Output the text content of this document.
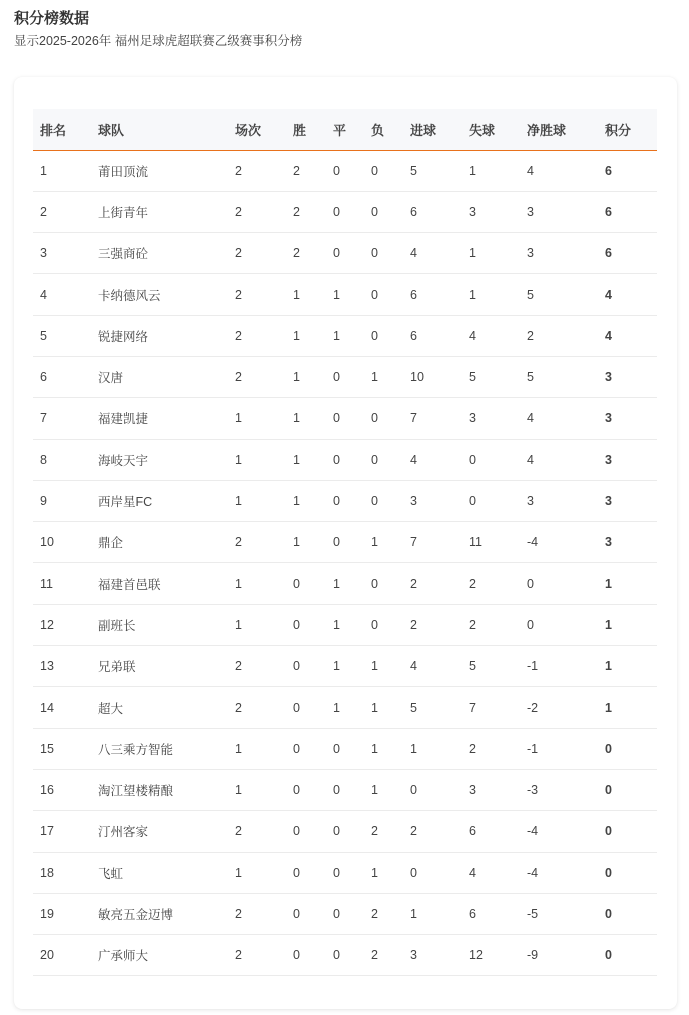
积分榜数据
显示2025-2026年 福州足球虎超联赛乙级赛事积分榜
排名	球队	场次	胜	平	负	进球	失球	净胜球	积分
1	莆田顶流	2	2	0	0	5	1	4	6
2	上街青年	2	2	0	0	6	3	3	6
3	三强商砼	2	2	0	0	4	1	3	6
4	卡纳德风云	2	1	1	0	6	1	5	4
5	锐捷网络	2	1	1	0	6	4	2	4
6	汉唐	2	1	0	1	10	5	5	3
7	福建凯捷	1	1	0	0	7	3	4	3
8	海岐天宇	1	1	0	0	4	0	4	3
9	西岸星FC	1	1	0	0	3	0	3	3
10	鼎企	2	1	0	1	7	11	-4	3
11	福建首邑联	1	0	1	0	2	2	0	1
12	副班长	1	0	1	0	2	2	0	1
13	兄弟联	2	0	1	1	4	5	-1	1
14	超大	2	0	1	1	5	7	-2	1
15	八三乘方智能	1	0	0	1	1	2	-1	0
16	淘江望楼精酿	1	0	0	1	0	3	-3	0
17	汀州客家	2	0	0	2	2	6	-4	0
18	飞虹	1	0	0	1	0	4	-4	0
19	敏亮五金迈博	2	0	0	2	1	6	-5	0
20	广承师大	2	0	0	2	3	12	-9	0
